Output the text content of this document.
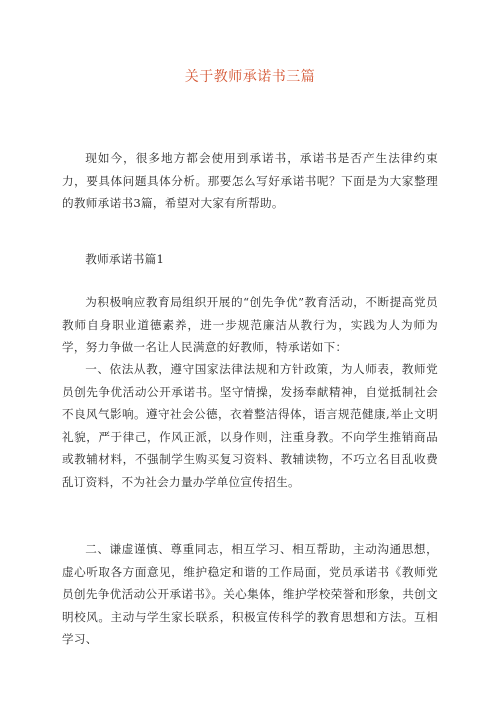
关于教师承诺书三篇

现如今，很多地方都会使用到承诺书，承诺书是否产生法律约束力，要具体问题具体分析。那要怎么写好承诺书呢？下面是为大家整理的教师承诺书3篇，希望对大家有所帮助。

教师承诺书篇1

为积极响应教育局组织开展的“创先争优”教育活动，不断提高党员教师自身职业道德素养，进一步规范廉洁从教行为，实践为人为师为学，努力争做一名让人民满意的好教师，特承诺如下：

一、依法从教，遵守国家法律法规和方针政策，为人师表，教师党员创先争优活动公开承诺书。坚守情操，发扬奉献精神，自觉抵制社会不良风气影响。遵守社会公德，衣着整洁得体，语言规范健康,举止文明礼貌，严于律己，作风正派，以身作则，注重身教。不向学生推销商品或教辅材料，不强制学生购买复习资料、教辅读物，不巧立名目乱收费乱订资料，不为社会力量办学单位宣传招生。

二、谦虚谨慎、尊重同志，相互学习、相互帮助，主动沟通思想，虚心听取各方面意见，维护稳定和谐的工作局面，党员承诺书《教师党员创先争优活动公开承诺书》。关心集体，维护学校荣誉和形象，共创文明校风。主动与学生家长联系，积极宣传科学的教育思想和方法。互相学习、
